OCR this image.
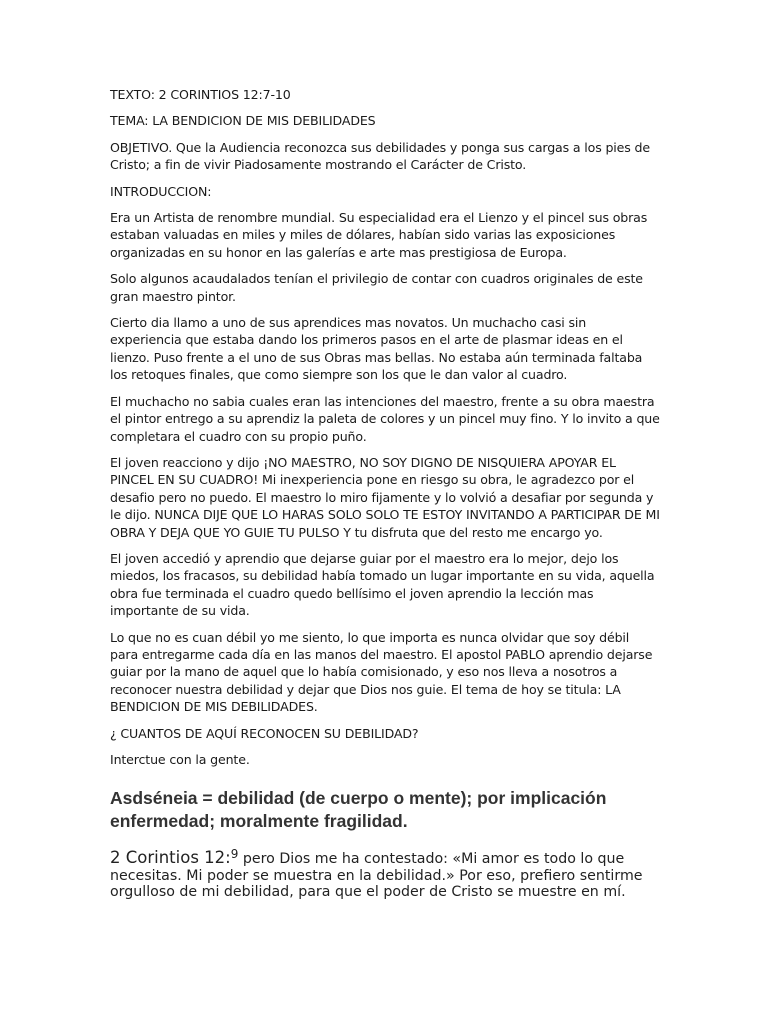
TEXTO: 2 CORINTIOS 12:7-10

TEMA: LA BENDICION DE MIS DEBILIDADES

OBJETIVO. Que la Audiencia reconozca sus debilidades y ponga sus cargas a los pies de Cristo; a fin de vivir Piadosamente mostrando el Carácter de Cristo.

INTRODUCCION:

Era un Artista de renombre mundial. Su especialidad era el Lienzo y el pincel sus obras estaban valuadas en miles y miles de dólares, habían sido varias las exposiciones organizadas en su honor en las galerías e arte mas prestigiosa de Europa.

Solo algunos acaudalados tenían el privilegio de contar con cuadros originales de este gran maestro pintor.

Cierto dia llamo a uno de sus aprendices mas novatos. Un muchacho casi sin experiencia que estaba dando los primeros pasos en el arte de plasmar ideas en el lienzo. Puso frente a el uno de sus Obras mas bellas. No estaba aún terminada faltaba los retoques finales, que como siempre son los que le dan valor al cuadro.

El muchacho no sabia cuales eran las intenciones del maestro, frente a su obra maestra el pintor entrego a su aprendiz la paleta de colores y un pincel muy fino. Y lo invito a que completara el cuadro con su propio puño.

El joven reacciono y dijo ¡NO MAESTRO, NO SOY DIGNO DE NISQUIERA APOYAR EL PINCEL EN SU CUADRO! Mi inexperiencia pone en riesgo su obra, le agradezco por el desafio pero no puedo. El maestro lo miro fijamente y lo volvió a desafiar por segunda y le dijo. NUNCA DIJE QUE LO HARAS SOLO SOLO TE ESTOY INVITANDO A PARTICIPAR DE MI OBRA Y DEJA QUE YO GUIE TU PULSO Y tu disfruta que del resto me encargo yo.

El joven accedió y aprendio que dejarse guiar por el maestro era lo mejor, dejo los miedos, los fracasos, su debilidad había tomado un lugar importante en su vida, aquella obra fue terminada el cuadro quedo bellísimo el joven aprendio la lección mas importante de su vida.

Lo que no es cuan débil yo me siento, lo que importa es nunca olvidar que soy débil para entregarme cada día en las manos del maestro. El apostol PABLO aprendio dejarse guiar por la mano de aquel que lo había comisionado, y eso nos lleva a nosotros a reconocer nuestra debilidad y dejar que Dios nos guie. El tema de hoy se titula: LA BENDICION DE MIS DEBILIDADES.

¿ CUANTOS DE AQUÍ RECONOCEN SU DEBILIDAD?

Interctue con la gente.

Asdséneia = debilidad (de cuerpo o mente); por implicación enfermedad; moralmente fragilidad.

2 Corintios 12:$^9$ pero Dios me ha contestado: «Mi amor es todo lo que necesitas. Mi poder se muestra en la debilidad.» Por eso, prefiero sentirme orgulloso de mi debilidad, para que el poder de Cristo se muestre en mí.
